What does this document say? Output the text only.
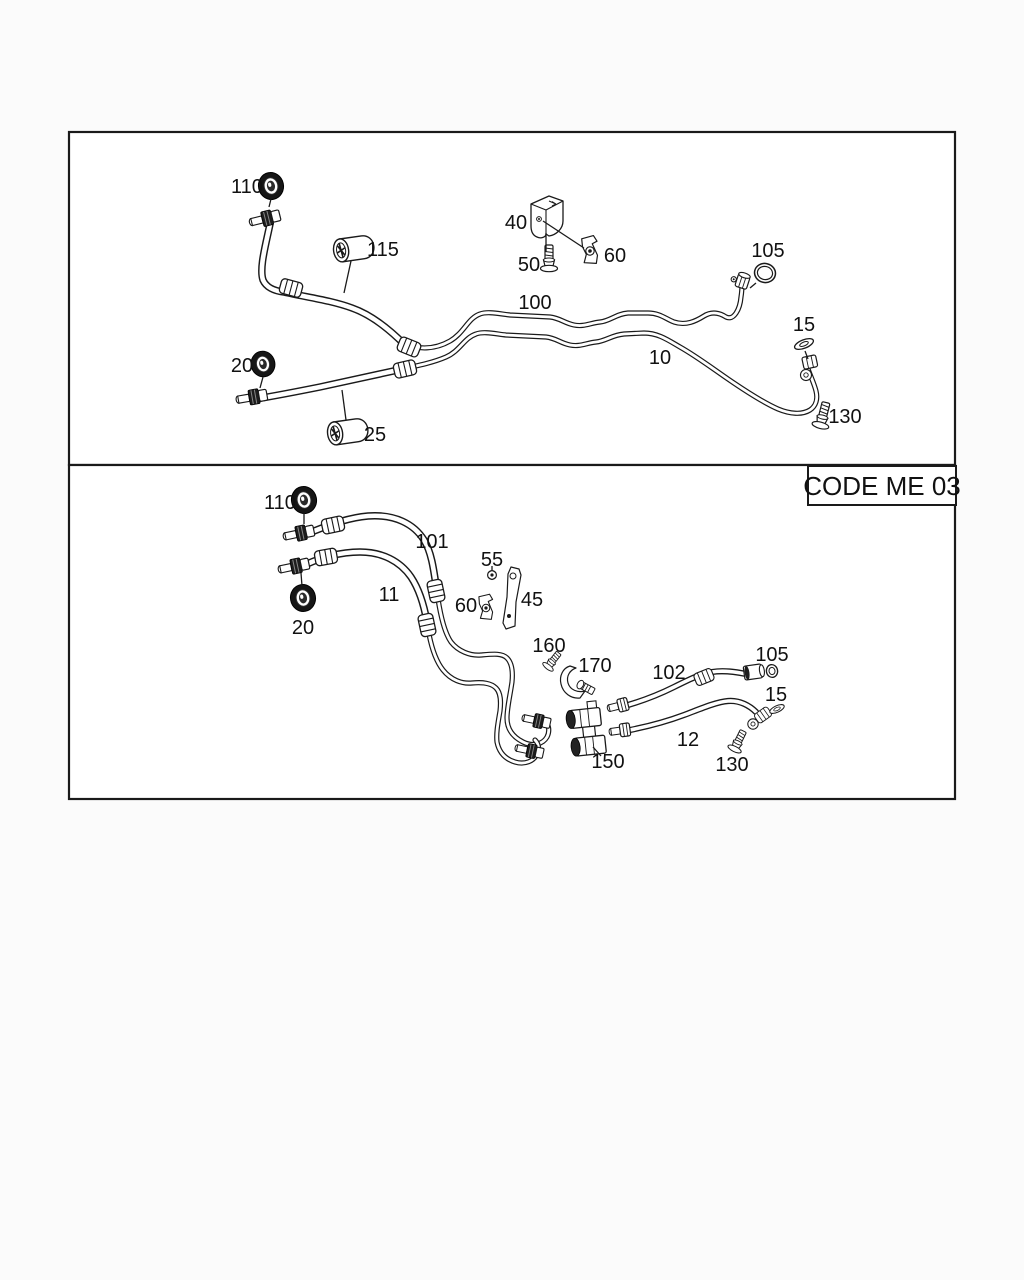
CODE ME 03
110
115
20
25
40
50	60
100
105
15
10
130
110
101
55
60 45
11
20
160
170 102
105
15
12
150	130
